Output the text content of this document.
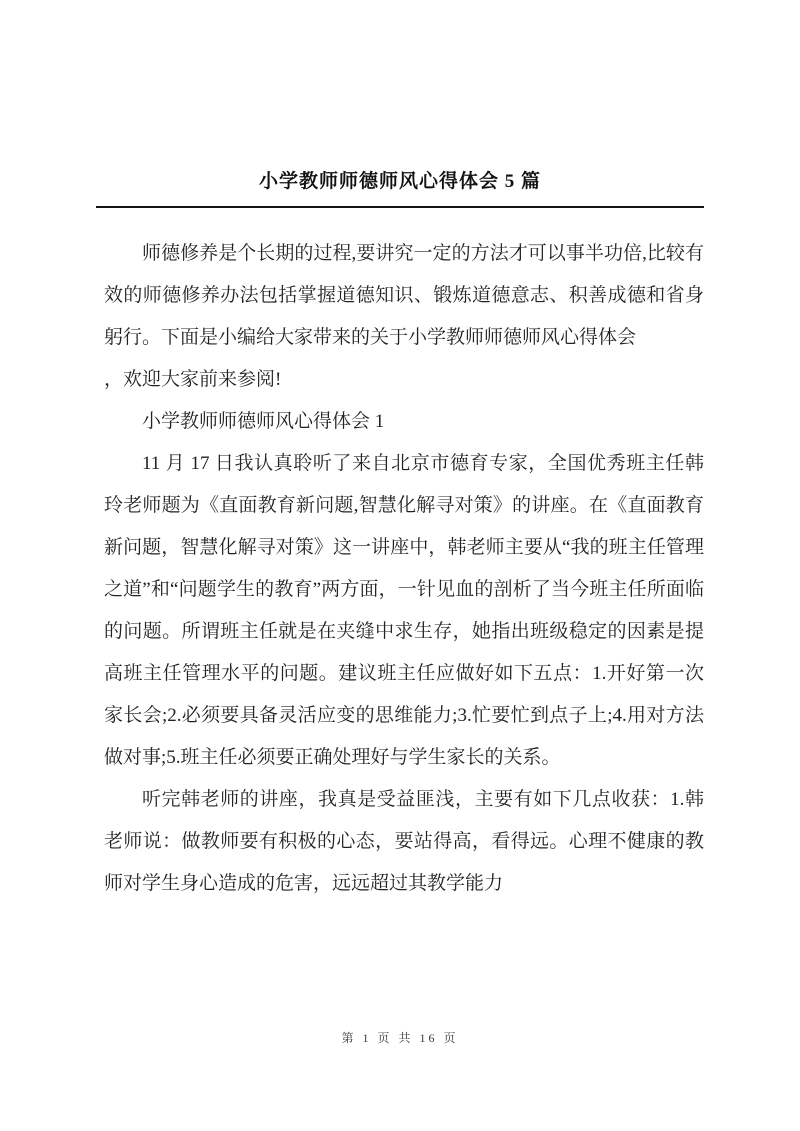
小学教师师德师风心得体会 5 篇

师德修养是个长期的过程,要讲究一定的方法才可以事半功倍,比较有效的师德修养办法包括掌握道德知识、锻炼道德意志、积善成德和省身躬行。下面是小编给大家带来的关于小学教师师德师风心得体会

，欢迎大家前来参阅!

小学教师师德师风心得体会 1

11 月 17 日我认真聆听了来自北京市德育专家，全国优秀班主任韩玲老师题为《直面教育新问题,智慧化解寻对策》的讲座。在《直面教育新问题，智慧化解寻对策》这一讲座中，韩老师主要从“我的班主任管理之道”和“问题学生的教育”两方面，一针见血的剖析了当今班主任所面临的问题。所谓班主任就是在夹缝中求生存，她指出班级稳定的因素是提高班主任管理水平的问题。建议班主任应做好如下五点：1.开好第一次家长会;2.必须要具备灵活应变的思维能力;3.忙要忙到点子上;4.用对方法做对事;5.班主任必须要正确处理好与学生家长的关系。

听完韩老师的讲座，我真是受益匪浅，主要有如下几点收获：1.韩老师说：做教师要有积极的心态，要站得高，看得远。心理不健康的教师对学生身心造成的危害，远远超过其教学能力

第 1 页 共 16 页
